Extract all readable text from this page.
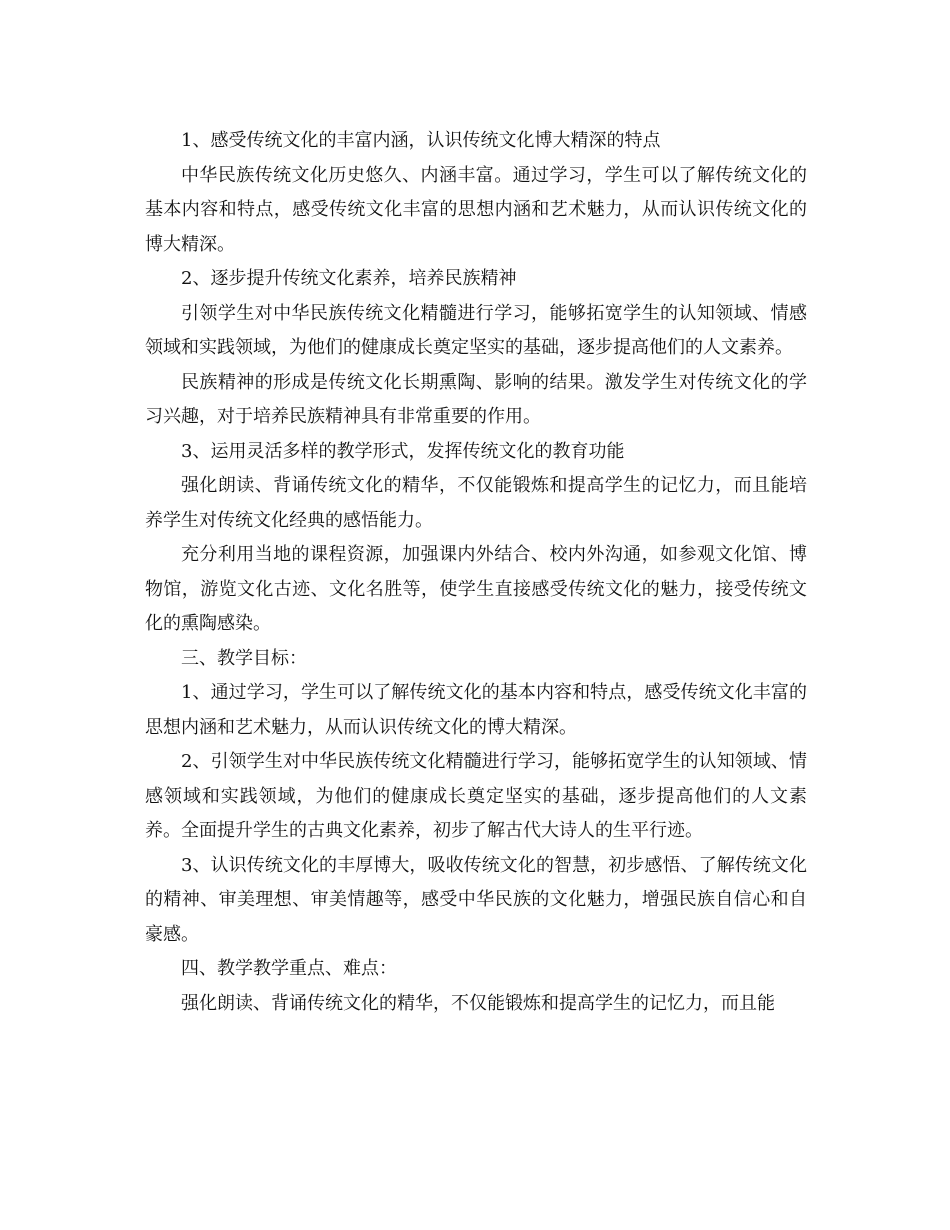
1、感受传统文化的丰富内涵，认识传统文化博大精深的特点

中华民族传统文化历史悠久、内涵丰富。通过学习，学生可以了解传统文化的基本内容和特点，感受传统文化丰富的思想内涵和艺术魅力，从而认识传统文化的博大精深。

2、逐步提升传统文化素养，培养民族精神

引领学生对中华民族传统文化精髓进行学习，能够拓宽学生的认知领域、情感领域和实践领域，为他们的健康成长奠定坚实的基础，逐步提高他们的人文素养。

民族精神的形成是传统文化长期熏陶、影响的结果。激发学生对传统文化的学习兴趣，对于培养民族精神具有非常重要的作用。

3、运用灵活多样的教学形式，发挥传统文化的教育功能

强化朗读、背诵传统文化的精华，不仅能锻炼和提高学生的记忆力，而且能培养学生对传统文化经典的感悟能力。

充分利用当地的课程资源，加强课内外结合、校内外沟通，如参观文化馆、博物馆，游览文化古迹、文化名胜等，使学生直接感受传统文化的魅力，接受传统文化的熏陶感染。

三、教学目标：

1、通过学习，学生可以了解传统文化的基本内容和特点，感受传统文化丰富的思想内涵和艺术魅力，从而认识传统文化的博大精深。

2、引领学生对中华民族传统文化精髓进行学习，能够拓宽学生的认知领域、情感领域和实践领域，为他们的健康成长奠定坚实的基础，逐步提高他们的人文素养。全面提升学生的古典文化素养，初步了解古代大诗人的生平行迹。

3、认识传统文化的丰厚博大，吸收传统文化的智慧，初步感悟、了解传统文化的精神、审美理想、审美情趣等，感受中华民族的文化魅力，增强民族自信心和自豪感。

四、教学教学重点、难点：

强化朗读、背诵传统文化的精华，不仅能锻炼和提高学生的记忆力，而且能
